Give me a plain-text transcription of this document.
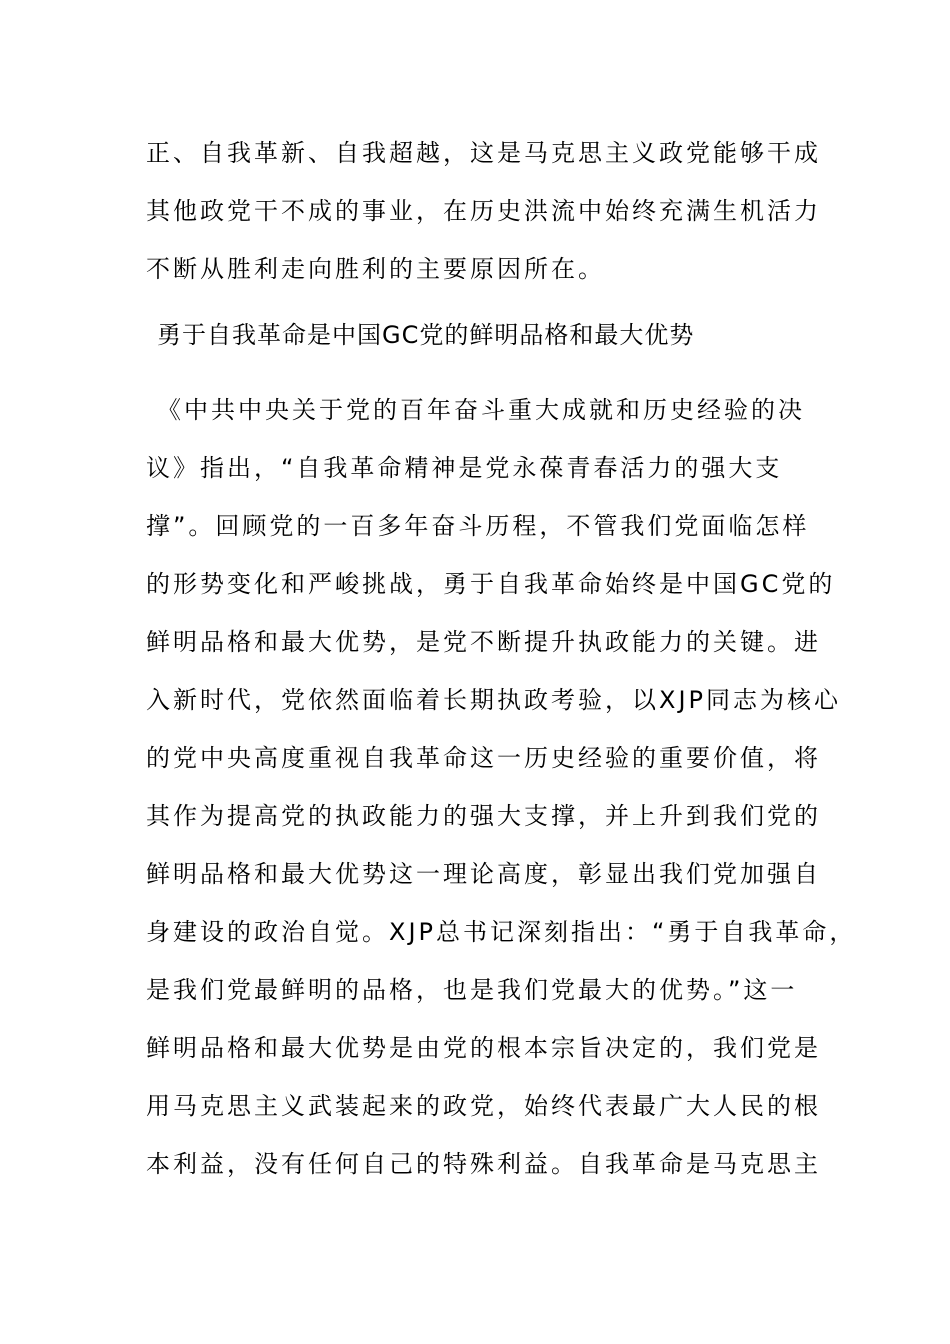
正、自我革新、自我超越，这是马克思主义政党能够干成
其他政党干不成的事业，在历史洪流中始终充满生机活力
不断从胜利走向胜利的主要原因所在。
勇于自我革命是中国GC党的鲜明品格和最大优势
《中共中央关于党的百年奋斗重大成就和历史经验的决
议》指出，“自我革命精神是党永葆青春活力的强大支
撑”。回顾党的一百多年奋斗历程，不管我们党面临怎样
的形势变化和严峻挑战，勇于自我革命始终是中国GC党的
鲜明品格和最大优势，是党不断提升执政能力的关键。进
入新时代，党依然面临着长期执政考验，以XJP同志为核心
的党中央高度重视自我革命这一历史经验的重要价值，将
其作为提高党的执政能力的强大支撑，并上升到我们党的
鲜明品格和最大优势这一理论高度，彰显出我们党加强自
身建设的政治自觉。XJP总书记深刻指出：“勇于自我革命，
是我们党最鲜明的品格，也是我们党最大的优势。”这一
鲜明品格和最大优势是由党的根本宗旨决定的，我们党是
用马克思主义武装起来的政党，始终代表最广大人民的根
本利益，没有任何自己的特殊利益。自我革命是马克思主
